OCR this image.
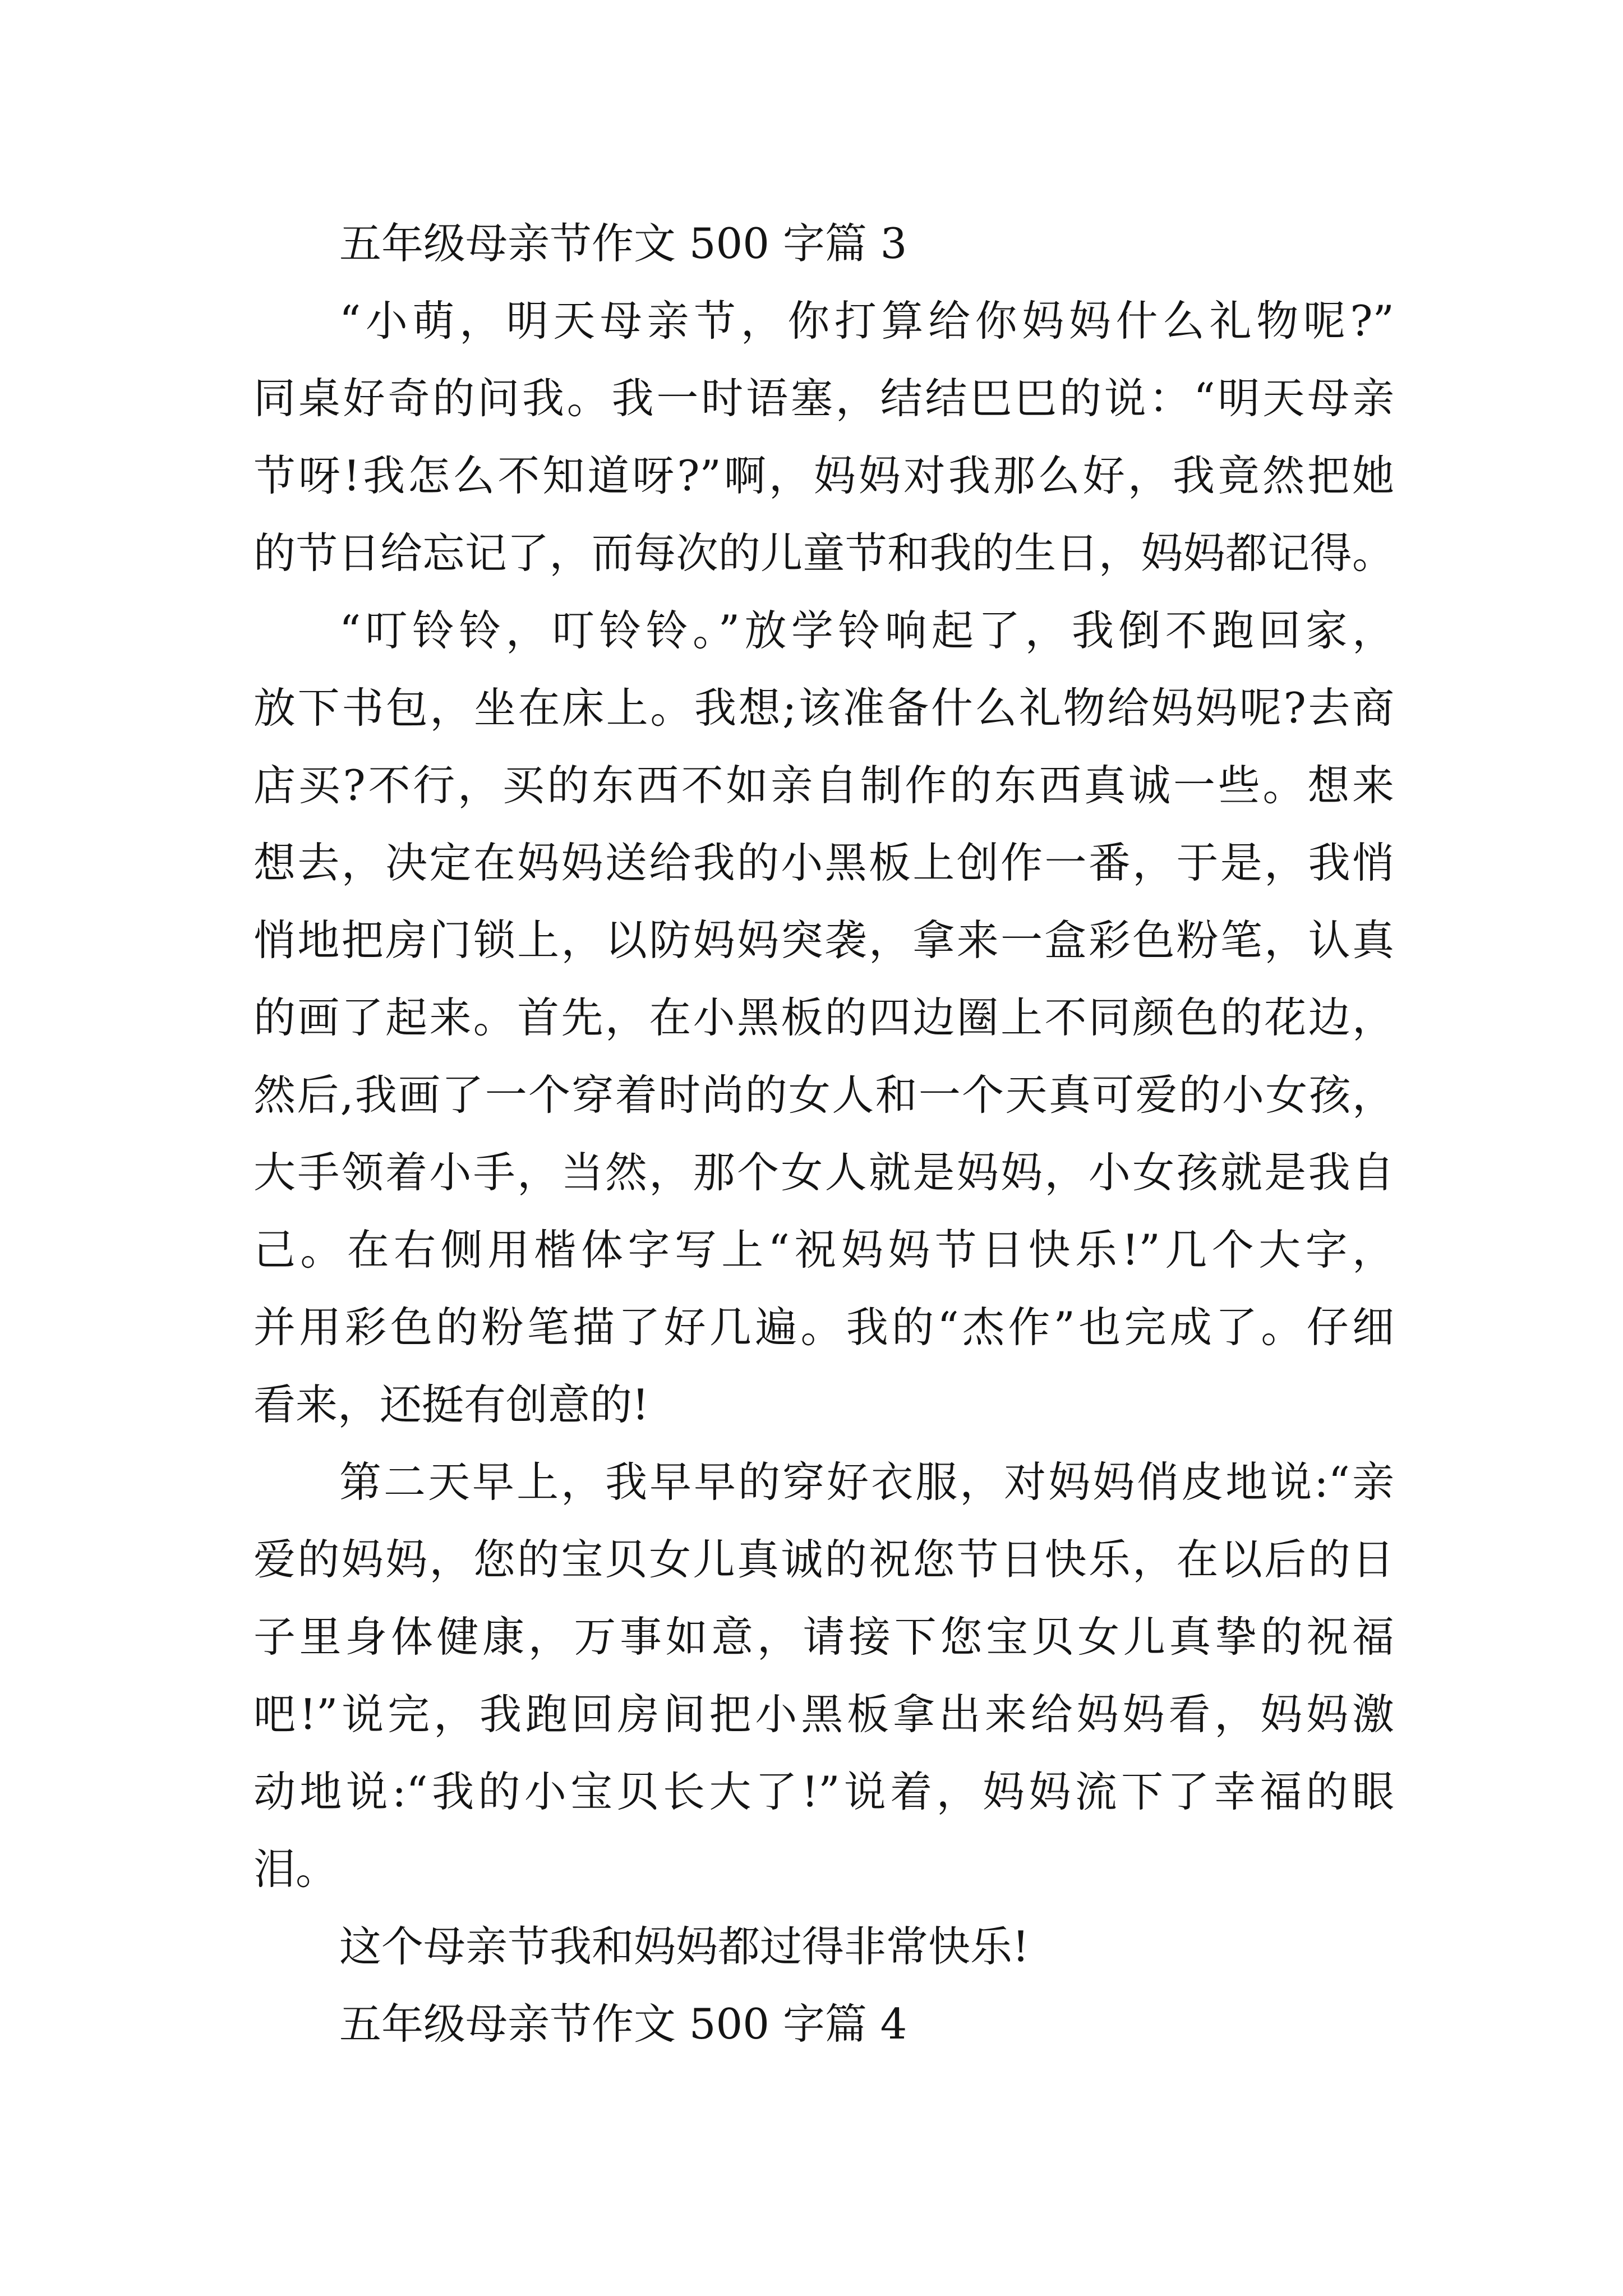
五年级母亲节作文 500 字篇 3
“小萌，明天母亲节，你打算给你妈妈什么礼物呢?”
同桌好奇的问我。我一时语塞，结结巴巴的说：“明天母亲
节呀!我怎么不知道呀?”啊，妈妈对我那么好，我竟然把她
的节日给忘记了，而每次的儿童节和我的生日，妈妈都记得。
“叮铃铃，叮铃铃。”放学铃响起了，我倒不跑回家，
放下书包，坐在床上。我想;该准备什么礼物给妈妈呢?去商
店买?不行，买的东西不如亲自制作的东西真诚一些。想来
想去，决定在妈妈送给我的小黑板上创作一番，于是，我悄
悄地把房门锁上，以防妈妈突袭，拿来一盒彩色粉笔，认真
的画了起来。首先，在小黑板的四边圈上不同颜色的花边，
然后,我画了一个穿着时尚的女人和一个天真可爱的小女孩，
大手领着小手，当然，那个女人就是妈妈，小女孩就是我自
己。在右侧用楷体字写上“祝妈妈节日快乐!”几个大字，
并用彩色的粉笔描了好几遍。我的“杰作”也完成了。仔细
看来，还挺有创意的!
第二天早上，我早早的穿好衣服，对妈妈俏皮地说:“亲
爱的妈妈，您的宝贝女儿真诚的祝您节日快乐，在以后的日
子里身体健康，万事如意，请接下您宝贝女儿真挚的祝福
吧!”说完，我跑回房间把小黑板拿出来给妈妈看，妈妈激
动地说:“我的小宝贝长大了!”说着，妈妈流下了幸福的眼
泪。
这个母亲节我和妈妈都过得非常快乐!
五年级母亲节作文 500 字篇 4
